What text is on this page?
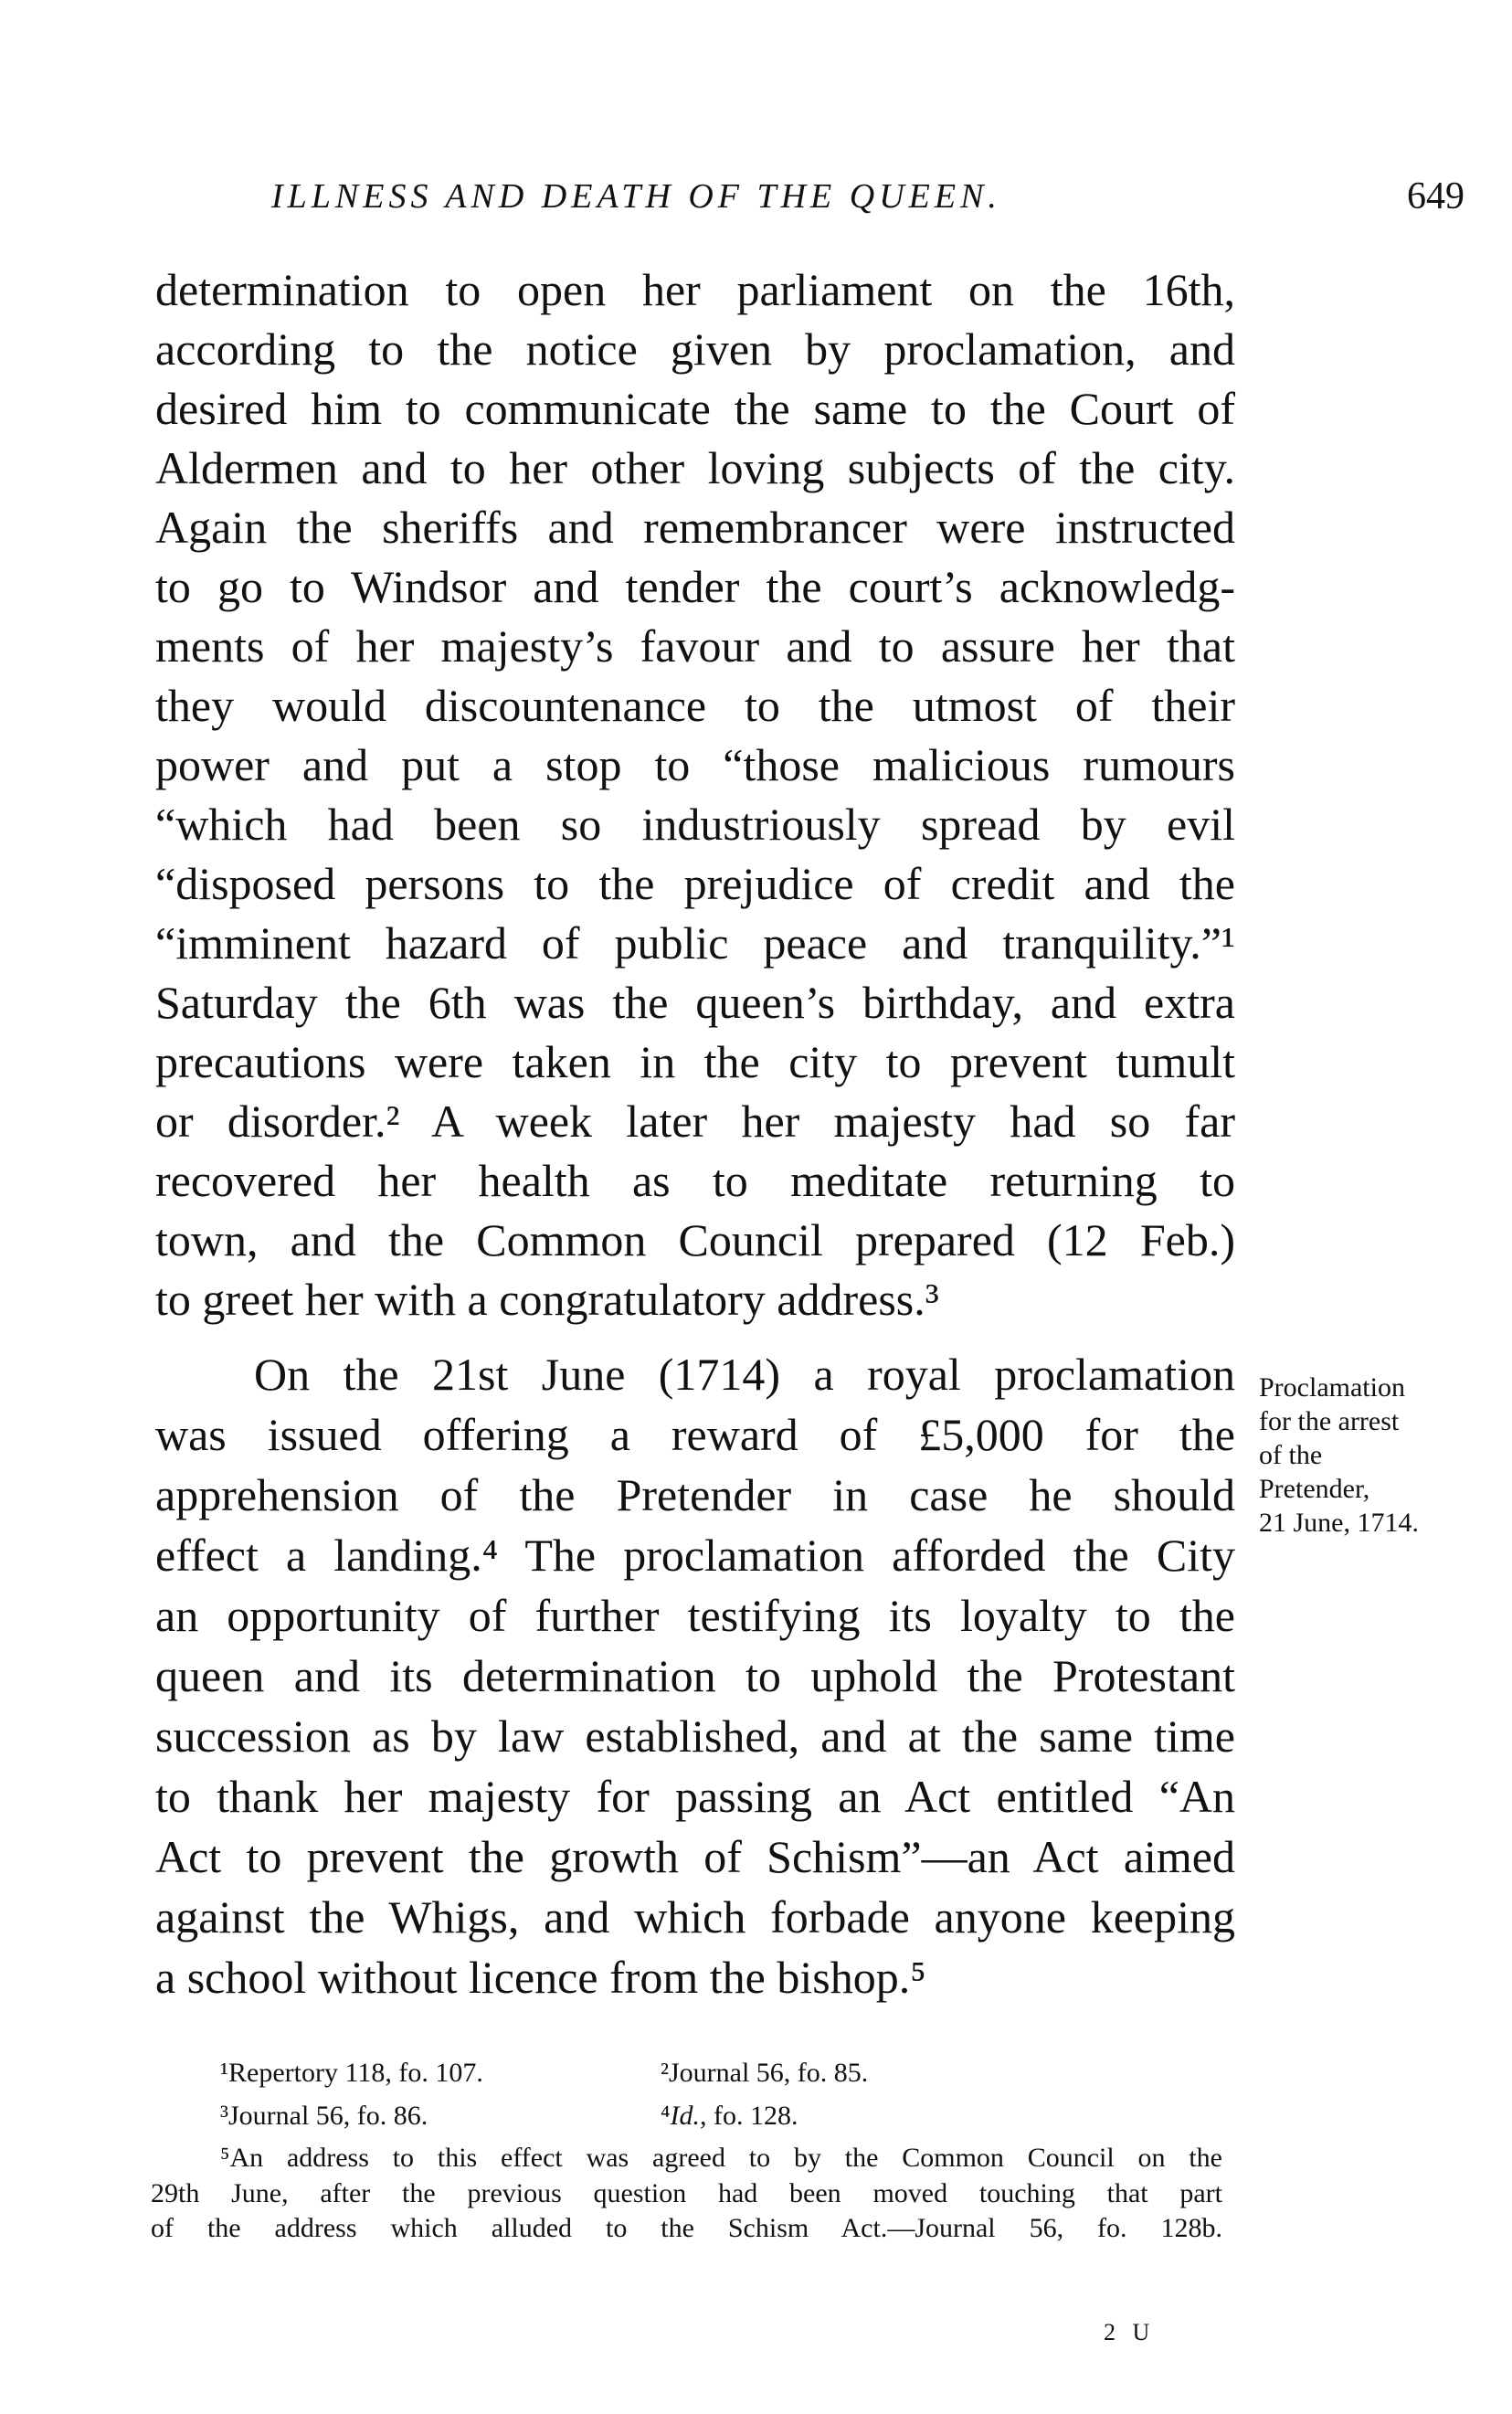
ILLNESS AND DEATH OF THE QUEEN.	649
determination to open her parliament on the 16th,
according to the notice given by proclamation, and
desired him to communicate the same to the Court of
Aldermen and to her other loving subjects of the city.
Again the sheriffs and remembrancer were instructed
to go to Windsor and tender the court’s acknowledg-
ments of her majesty’s favour and to assure her that
they would discountenance to the utmost of their
power and put a stop to “those malicious rumours
“which had been so industriously spread by evil
“disposed persons to the prejudice of credit and the
“imminent hazard of public peace and tranquility.”¹
Saturday the 6th was the queen’s birthday, and extra
precautions were taken in the city to prevent tumult
or disorder.² A week later her majesty had so far
recovered her health as to meditate returning to
town, and the Common Council prepared (12 Feb.)
to greet her with a congratulatory address.³
On the 21st June (1714) a royal proclamation
was issued offering a reward of £5,000 for the
apprehension of the Pretender in case he should
effect a landing.⁴ The proclamation afforded the City
an opportunity of further testifying its loyalty to the
queen and its determination to uphold the Protestant
succession as by law established, and at the same time
to thank her majesty for passing an Act entitled “An
Act to prevent the growth of Schism”—an Act aimed
against the Whigs, and which forbade anyone keeping
a school without licence from the bishop.⁵
Proclamation
for the arrest
of the
Pretender,
21 June, 1714.
¹Repertory 118, fo. 107.	²Journal 56, fo. 85.
³Journal 56, fo. 86.	⁴Id., fo. 128.
⁵An address to this effect was agreed to by the Common Council on the
29th June, after the previous question had been moved touching that part
of the address which alluded to the Schism Act.—Journal 56, fo. 128b.
2 U
